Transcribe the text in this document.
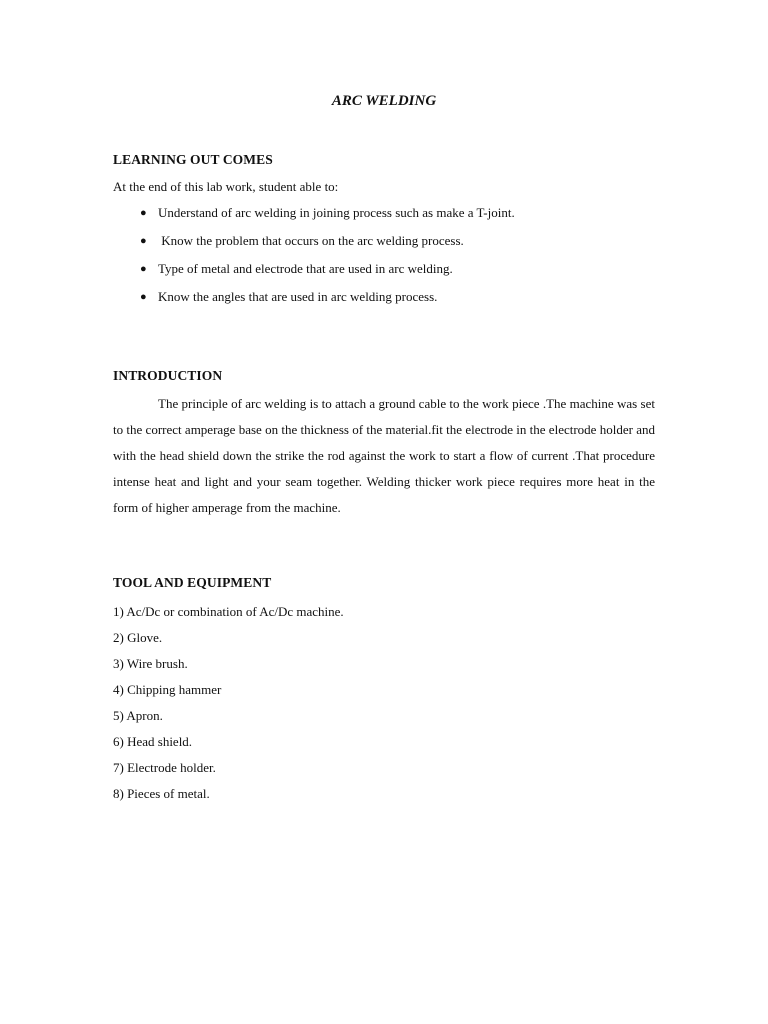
ARC WELDING
LEARNING OUT COMES

At the end of this lab work, student able to:

● Understand of arc welding in joining process such as make a T-joint.
● Know the problem that occurs on the arc welding process.
● Type of metal and electrode that are used in arc welding.
● Know the angles that are used in arc welding process.
INTRODUCTION

The principle of arc welding is to attach a ground cable to the work piece .The machine was set to the correct amperage base on the thickness of the material.fit the electrode in the electrode holder and with the head shield down the strike the rod against the work to start a flow of current .That procedure intense heat and light and your seam together. Welding thicker work piece requires more heat in the form of higher amperage from the machine.

TOOL AND EQUIPMENT
1) Ac/Dc or combination of Ac/Dc machine.
2) Glove.
3) Wire brush.
4) Chipping hammer
5) Apron.
6) Head shield.
7) Electrode holder.
8) Pieces of metal.
